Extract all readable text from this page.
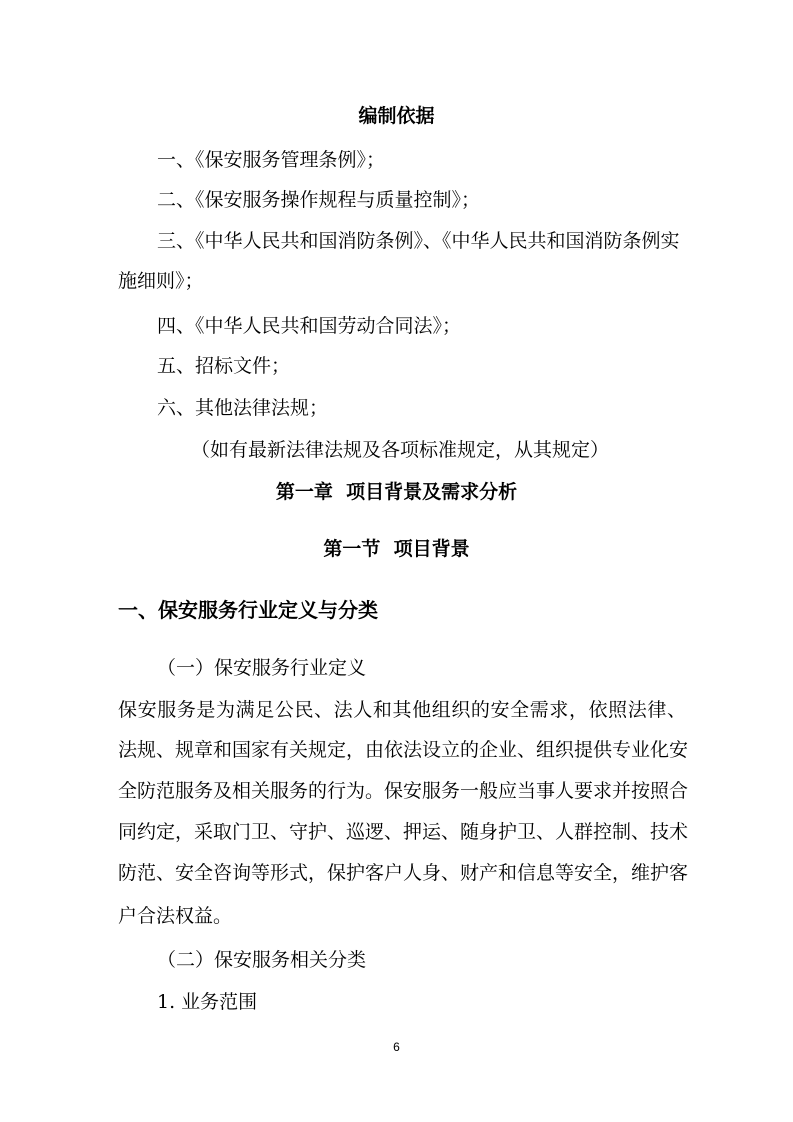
编制依据
一、《保安服务管理条例》；
二、《保安服务操作规程与质量控制》；
三、《中华人民共和国消防条例》、《中华人民共和国消防条例实
施细则》；
四、《中华人民共和国劳动合同法》；
五、招标文件；
六、其他法律法规；
（如有最新法律法规及各项标准规定，从其规定）
第一章  项目背景及需求分析
第一节  项目背景
一、保安服务行业定义与分类
（一）保安服务行业定义
保安服务是为满足公民、法人和其他组织的安全需求，依照法律、
法规、规章和国家有关规定，由依法设立的企业、组织提供专业化安
全防范服务及相关服务的行为。保安服务一般应当事人要求并按照合
同约定，采取门卫、守护、巡逻、押运、随身护卫、人群控制、技术
防范、安全咨询等形式，保护客户人身、财产和信息等安全，维护客
户合法权益。
（二）保安服务相关分类
1. 业务范围
6
